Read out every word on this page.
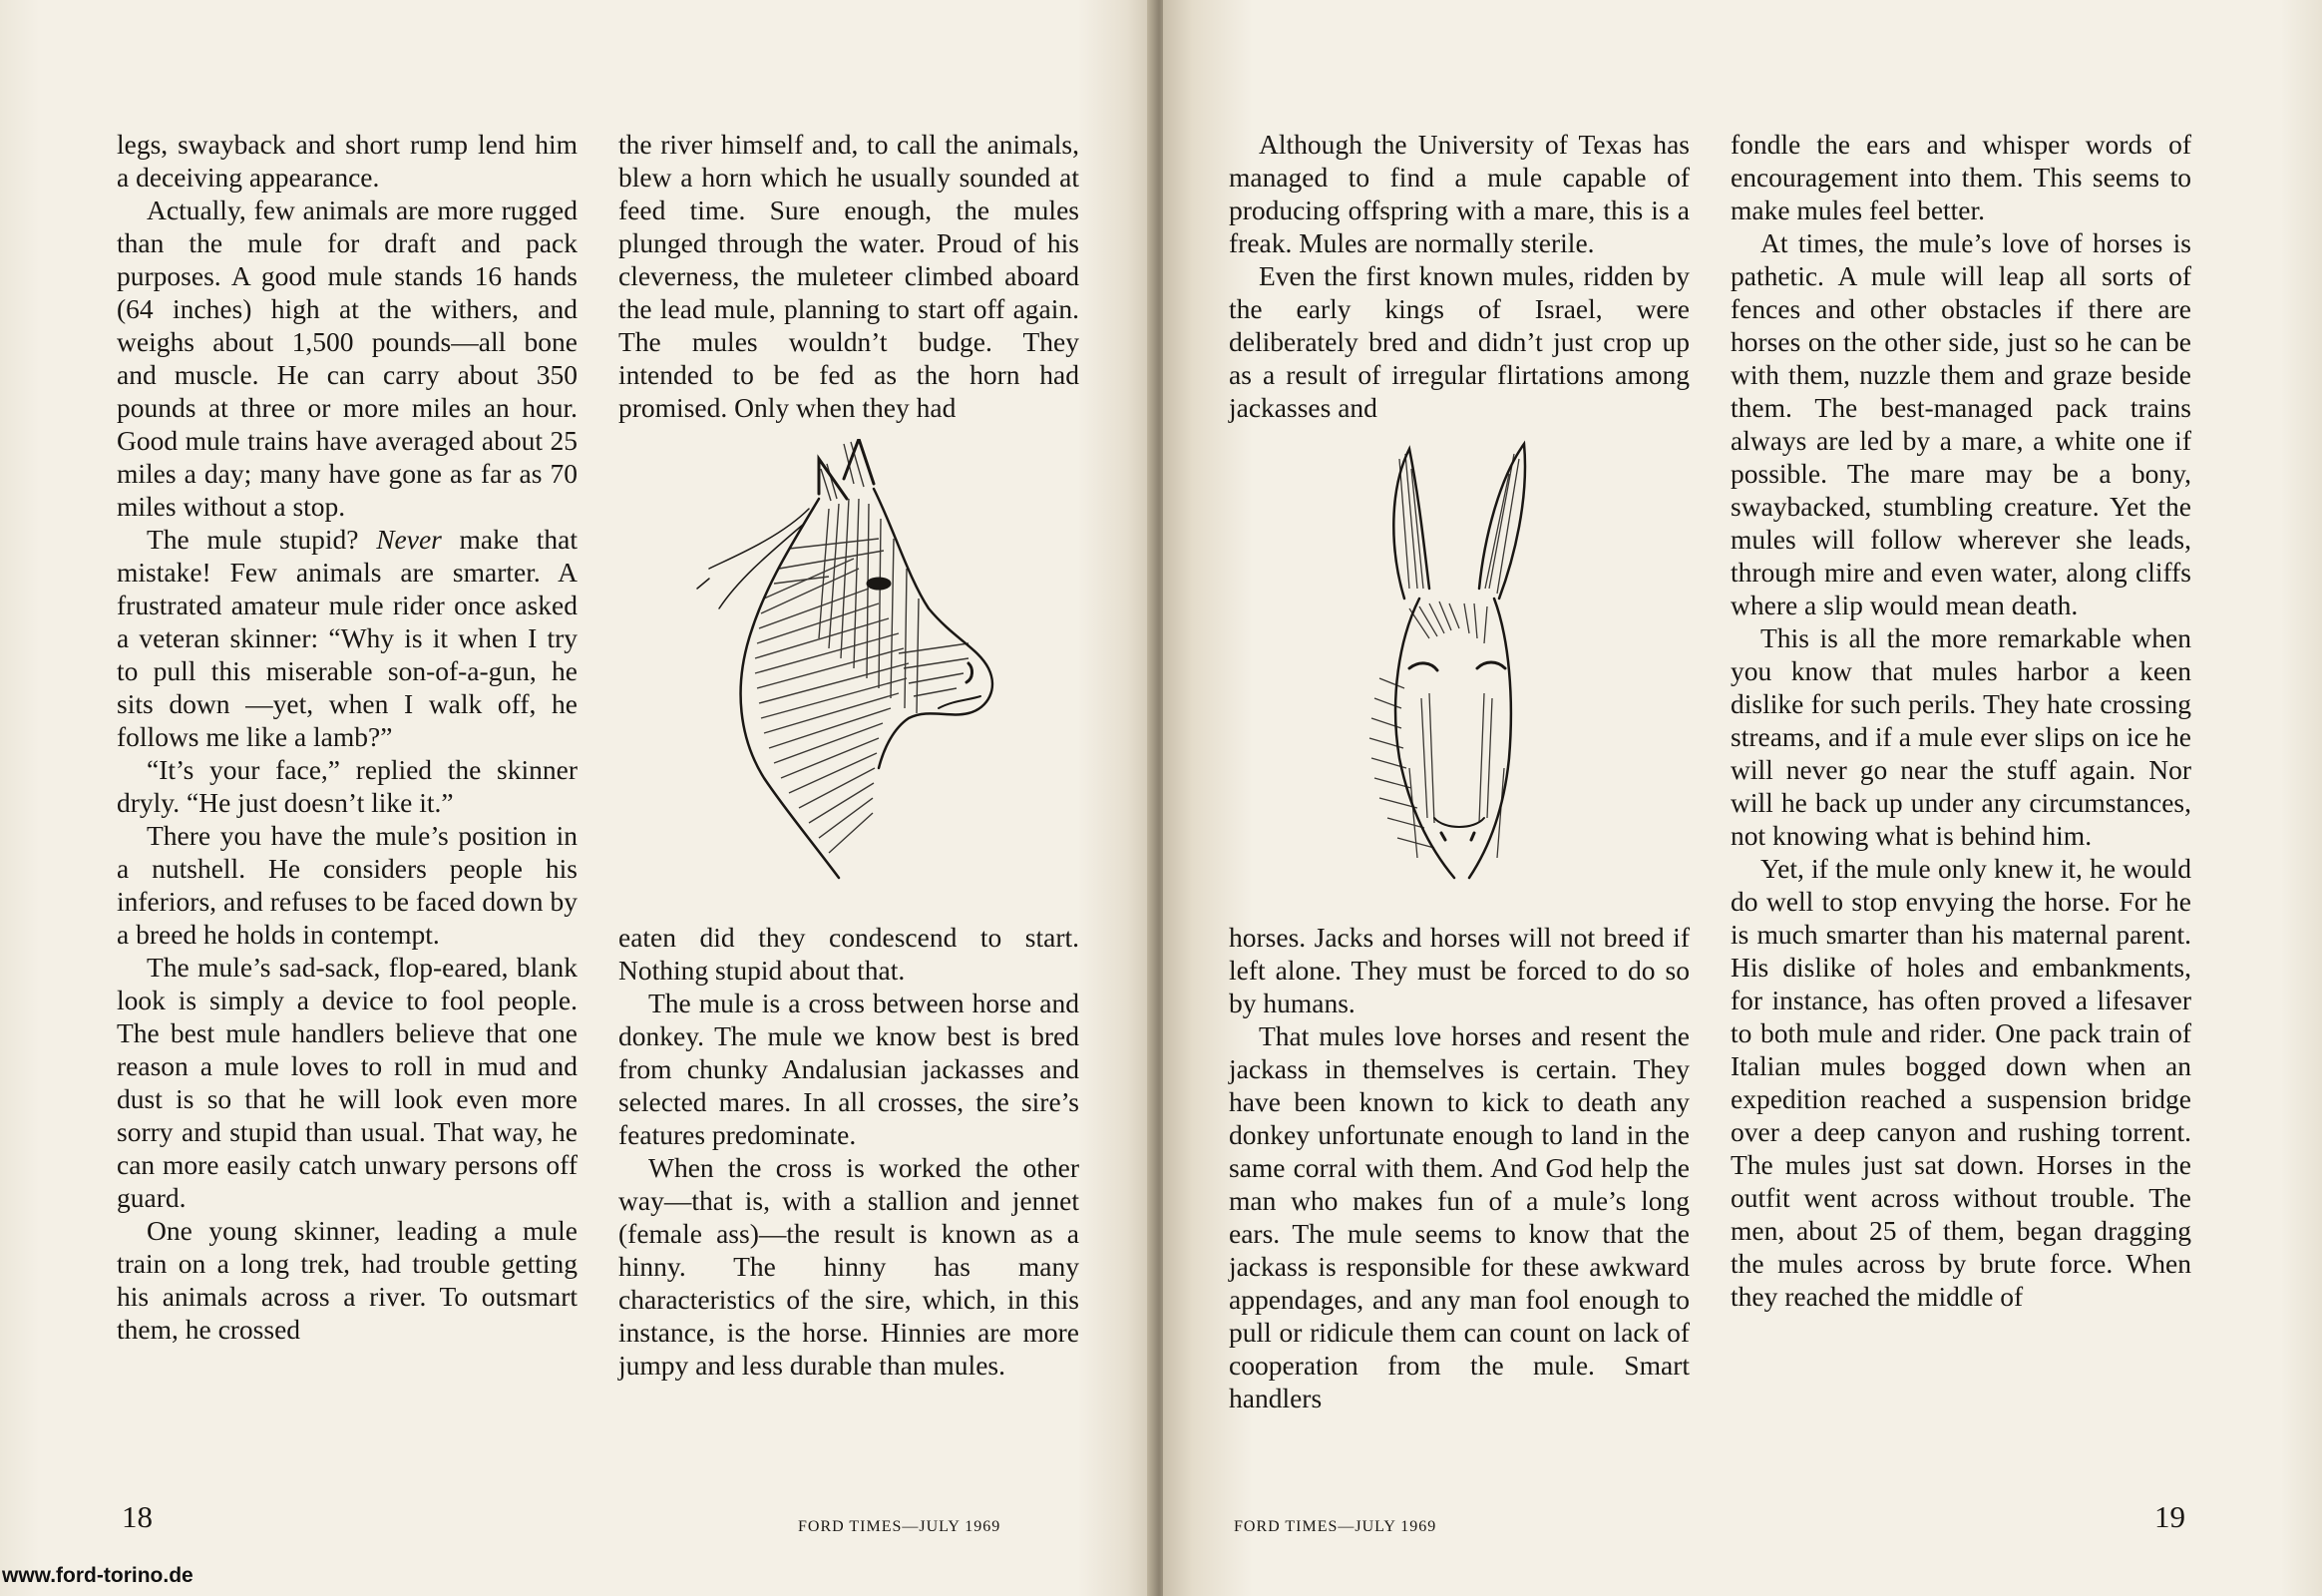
legs, swayback and short rump lend him a deceiving appearance.

Actually, few animals are more rugged than the mule for draft and pack purposes. A good mule stands 16 hands (64 inches) high at the withers, and weighs about 1,500 pounds—all bone and muscle. He can carry about 350 pounds at three or more miles an hour. Good mule trains have averaged about 25 miles a day; many have gone as far as 70 miles without a stop.

The mule stupid? Never make that mistake! Few animals are smarter. A frustrated amateur mule rider once asked a veteran skinner: “Why is it when I try to pull this miserable son-of-a-gun, he sits down —yet, when I walk off, he follows me like a lamb?”

“It’s your face,” replied the skinner dryly. “He just doesn’t like it.”

There you have the mule’s position in a nutshell. He considers people his inferiors, and refuses to be faced down by a breed he holds in contempt.

The mule’s sad-sack, flop-eared, blank look is simply a device to fool people. The best mule handlers believe that one reason a mule loves to roll in mud and dust is so that he will look even more sorry and stupid than usual. That way, he can more easily catch unwary persons off guard.

One young skinner, leading a mule train on a long trek, had trouble getting his animals across a river. To outsmart them, he crossed

the river himself and, to call the animals, blew a horn which he usually sounded at feed time. Sure enough, the mules plunged through the water. Proud of his cleverness, the muleteer climbed aboard the lead mule, planning to start off again. The mules wouldn’t budge. They intended to be fed as the horn had promised. Only when they had

eaten did they condescend to start. Nothing stupid about that.

The mule is a cross between horse and donkey. The mule we know best is bred from chunky Andalusian jackasses and selected mares. In all crosses, the sire’s features predominate.

When the cross is worked the other way—that is, with a stallion and jennet (female ass)—the result is known as a hinny. The hinny has many characteristics of the sire, which, in this instance, is the horse. Hinnies are more jumpy and less durable than mules.

18	FORD TIMES—JULY 1969

Although the University of Texas has managed to find a mule capable of producing offspring with a mare, this is a freak. Mules are normally sterile.

Even the first known mules, ridden by the early kings of Israel, were deliberately bred and didn’t just crop up as a result of irregular flirtations among jackasses and

horses. Jacks and horses will not breed if left alone. They must be forced to do so by humans.

That mules love horses and resent the jackass in themselves is certain. They have been known to kick to death any donkey unfortunate enough to land in the same corral with them. And God help the man who makes fun of a mule’s long ears. The mule seems to know that the jackass is responsible for these awkward appendages, and any man fool enough to pull or ridicule them can count on lack of cooperation from the mule. Smart handlers

fondle the ears and whisper words of encouragement into them. This seems to make mules feel better.

At times, the mule’s love of horses is pathetic. A mule will leap all sorts of fences and other obstacles if there are horses on the other side, just so he can be with them, nuzzle them and graze beside them. The best-managed pack trains always are led by a mare, a white one if possible. The mare may be a bony, swaybacked, stumbling creature. Yet the mules will follow wherever she leads, through mire and even water, along cliffs where a slip would mean death.

This is all the more remarkable when you know that mules harbor a keen dislike for such perils. They hate crossing streams, and if a mule ever slips on ice he will never go near the stuff again. Nor will he back up under any circumstances, not knowing what is behind him.

Yet, if the mule only knew it, he would do well to stop envying the horse. For he is much smarter than his maternal parent. His dislike of holes and embankments, for instance, has often proved a lifesaver to both mule and rider. One pack train of Italian mules bogged down when an expedition reached a suspension bridge over a deep canyon and rushing torrent. The mules just sat down. Horses in the outfit went across without trouble. The men, about 25 of them, began dragging the mules across by brute force. When they reached the middle of

19
FORD TIMES—JULY 1969
www.ford-torino.de
